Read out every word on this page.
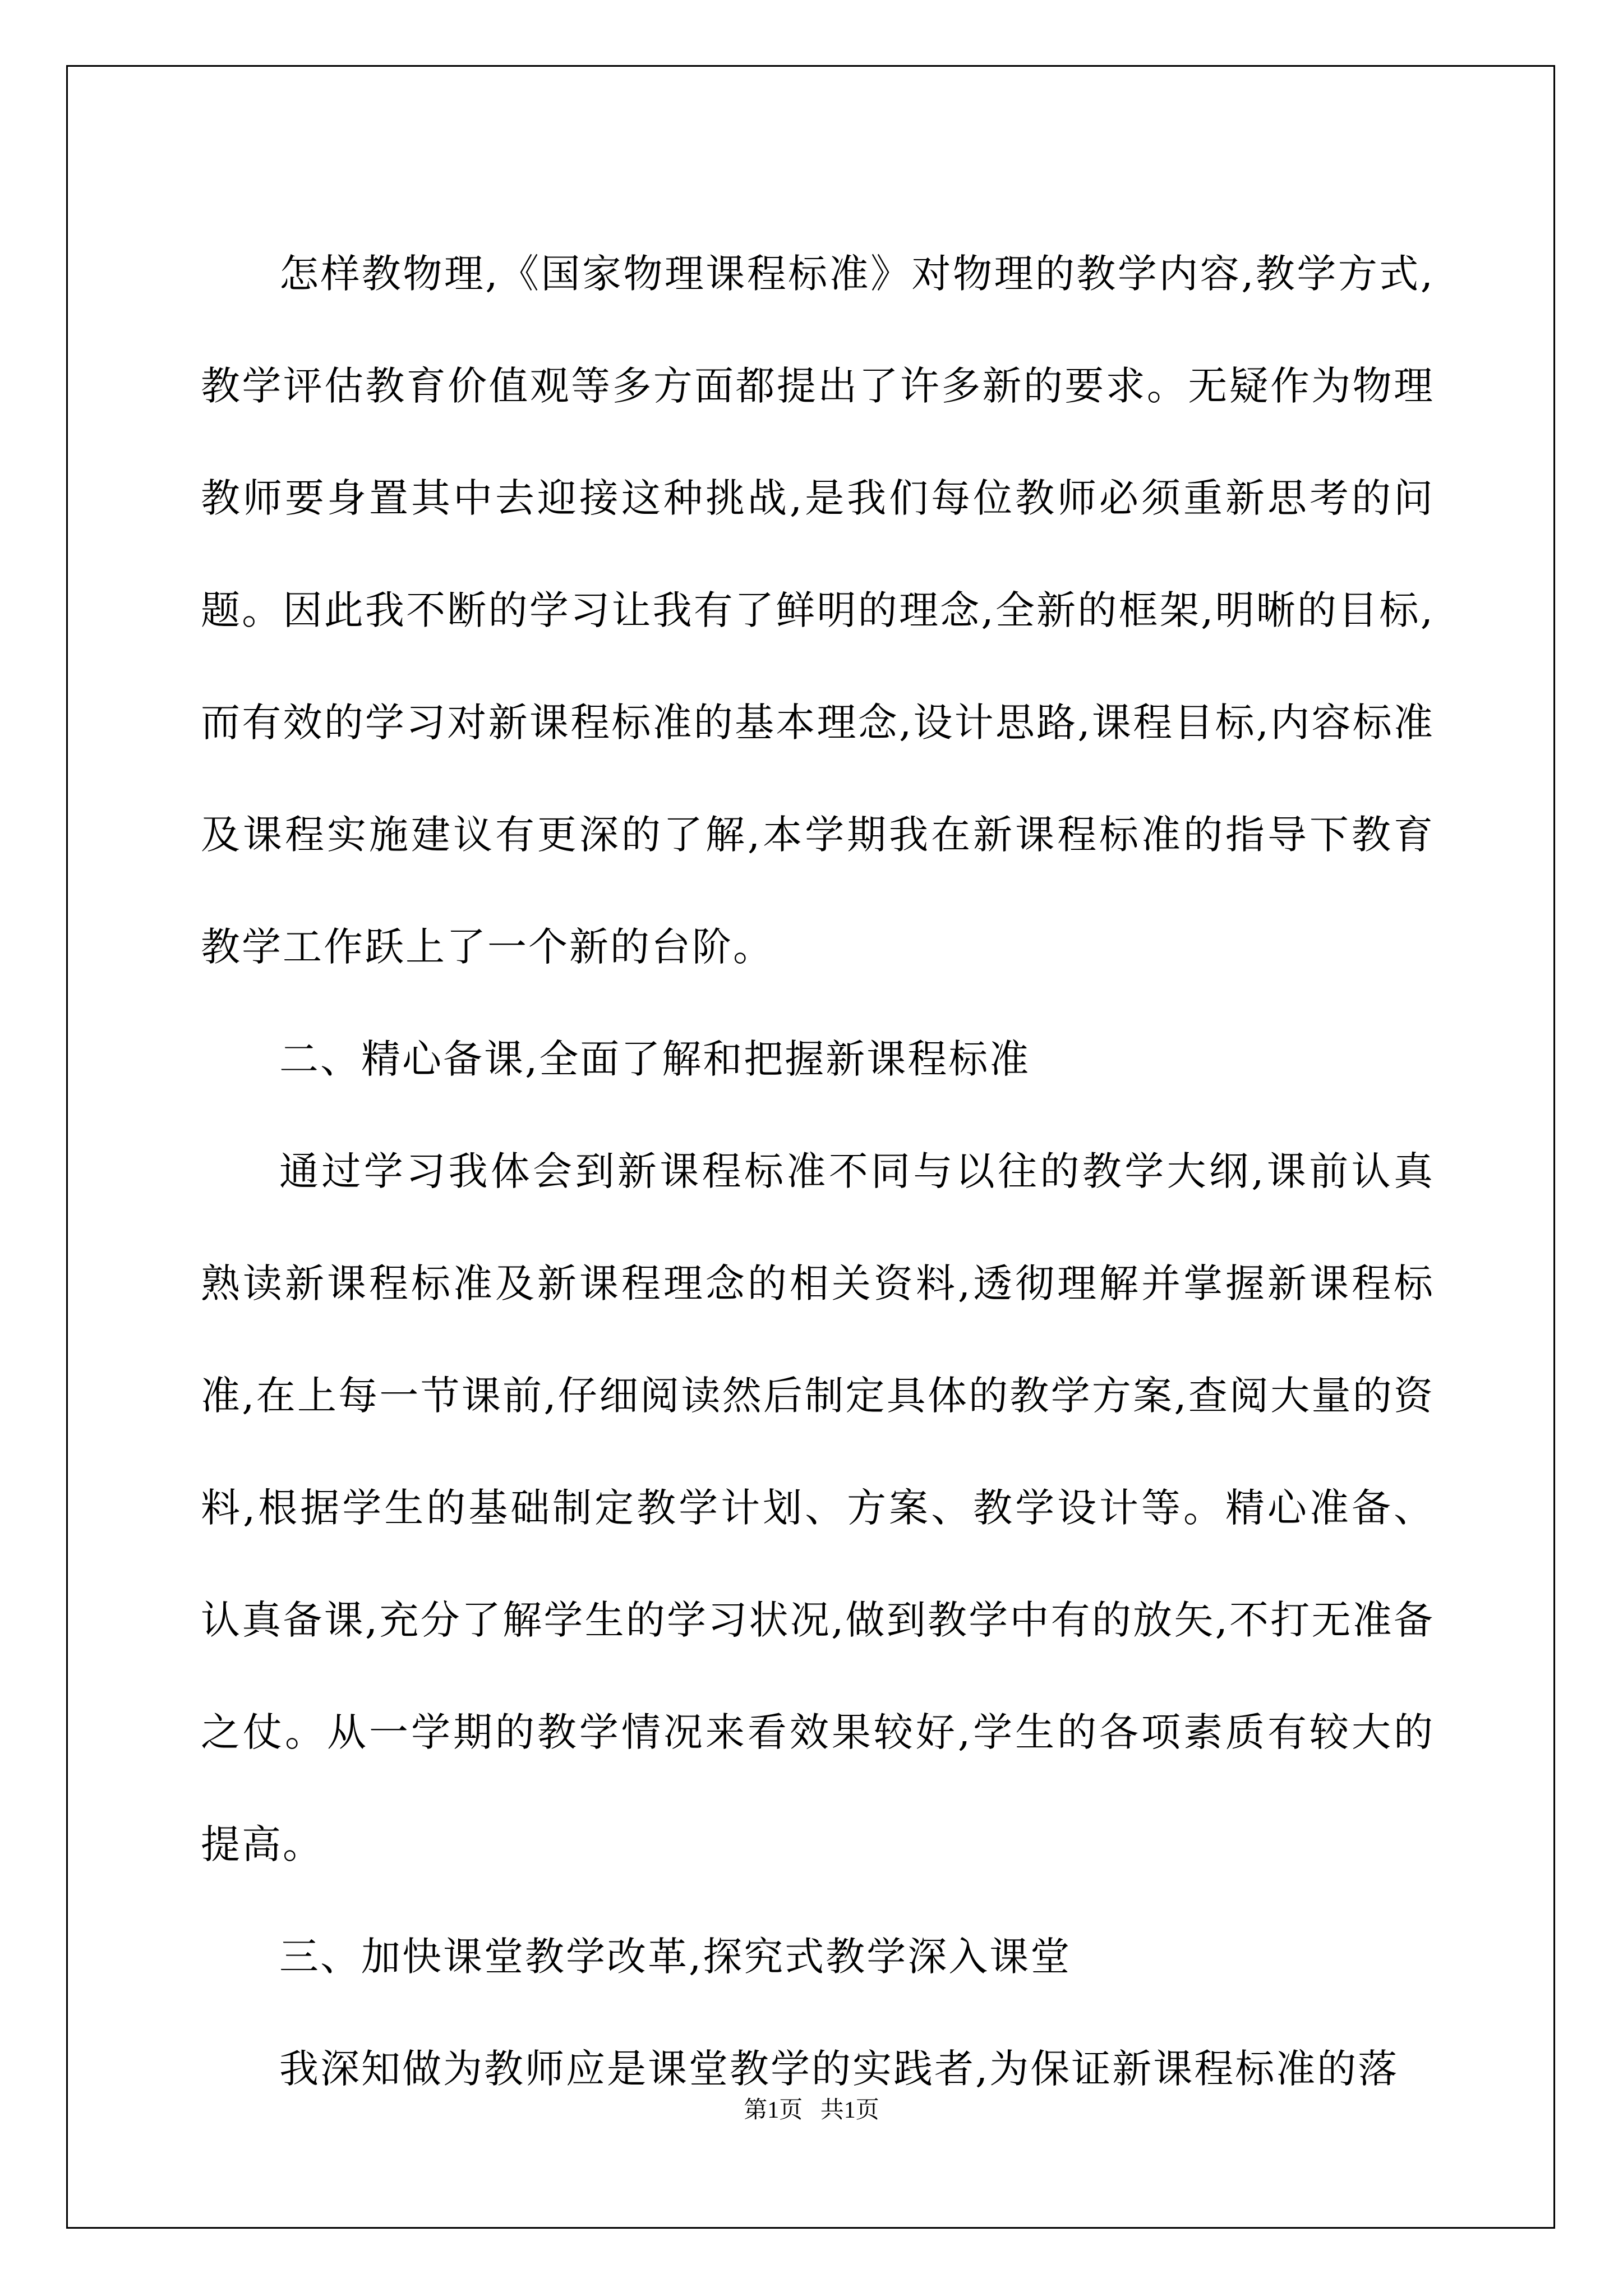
怎样教物理,《国家物理课程标准》对物理的教学内容,教学方式,教学评估教育价值观等多方面都提出了许多新的要求。无疑作为物理教师要身置其中去迎接这种挑战,是我们每位教师必须重新思考的问题。因此我不断的学习让我有了鲜明的理念,全新的框架,明晰的目标,而有效的学习对新课程标准的基本理念,设计思路,课程目标,内容标准及课程实施建议有更深的了解,本学期我在新课程标准的指导下教育教学工作跃上了一个新的台阶。

二、精心备课,全面了解和把握新课程标准

通过学习我体会到新课程标准不同与以往的教学大纲,课前认真熟读新课程标准及新课程理念的相关资料,透彻理解并掌握新课程标准,在上每一节课前,仔细阅读然后制定具体的教学方案,查阅大量的资料,根据学生的基础制定教学计划、方案、教学设计等。精心准备、认真备课,充分了解学生的学习状况,做到教学中有的放矢,不打无准备之仗。从一学期的教学情况来看效果较好,学生的各项素质有较大的提高。

三、加快课堂教学改革,探究式教学深入课堂

我深知做为教师应是课堂教学的实践者,为保证新课程标准的落

第1页   共1页
